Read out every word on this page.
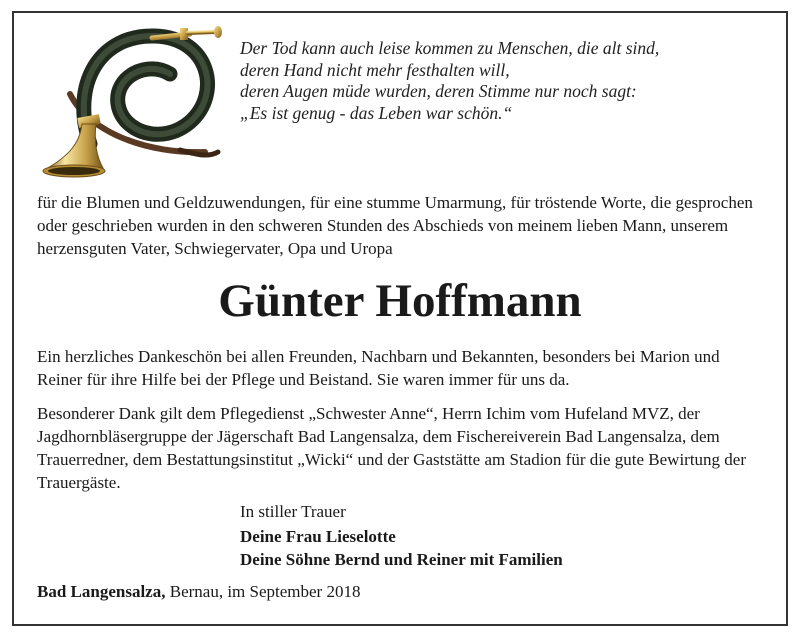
Der Tod kann auch leise kommen zu Menschen, die alt sind,
deren Hand nicht mehr festhalten will,
deren Augen müde wurden, deren Stimme nur noch sagt:
„Es ist genug - das Leben war schön.“
für die Blumen und Geldzuwendungen, für eine stumme Umarmung, für tröstende Worte, die gesprochen oder geschrieben wurden in den schweren Stunden des Abschieds von meinem lieben Mann, unserem herzensguten Vater, Schwiegervater, Opa und Uropa
Günter Hoffmann
Ein herzliches Dankeschön bei allen Freunden, Nachbarn und Bekannten, besonders bei Marion und Reiner für ihre Hilfe bei der Pflege und Beistand. Sie waren immer für uns da.
Besonderer Dank gilt dem Pflegedienst „Schwester Anne“, Herrn Ichim vom Hufeland MVZ, der Jagdhornbläsergruppe der Jägerschaft Bad Langensalza, dem Fischereiverein Bad Langensalza, dem Trauerredner, dem Bestattungsinstitut „Wicki“ und der Gaststätte am Stadion für die gute Bewirtung der Trauergäste.
In stiller Trauer
Deine Frau Lieselotte
Deine Söhne Bernd und Reiner mit Familien
Bad Langensalza, Bernau, im September 2018
